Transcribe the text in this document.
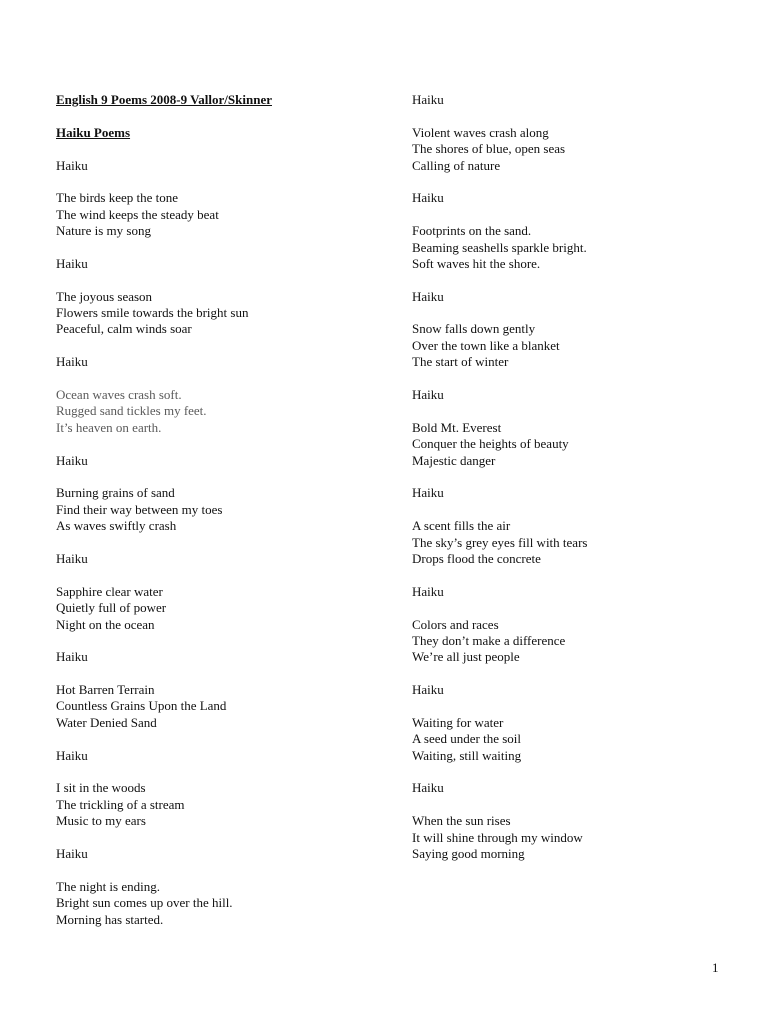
English 9 Poems 2008-9 Vallor/Skinner
Haiku Poems
Haiku
The birds keep the tone
The wind keeps the steady beat
Nature is my song
Haiku
The joyous season
Flowers smile towards the bright sun
Peaceful, calm winds soar
Haiku
Ocean waves crash soft.
Rugged sand tickles my feet.
It’s heaven on earth.
Haiku
Burning grains of sand
Find their way between my toes
As waves swiftly crash
Haiku
Sapphire clear water
Quietly full of power
Night on the ocean
Haiku
Hot Barren Terrain
Countless Grains Upon the Land
Water Denied Sand
Haiku
I sit in the woods
The trickling of a stream
Music to my ears
Haiku
The night is ending.
Bright sun comes up over the hill.
Morning has started.
Haiku
Violent waves crash along
The shores of blue, open seas
Calling of nature
Haiku
Footprints on the sand.
Beaming seashells sparkle bright.
Soft waves hit the shore.
Haiku
Snow falls down gently
Over the town like a blanket
The start of winter
Haiku
Bold Mt. Everest
Conquer the heights of beauty
Majestic danger
Haiku
A scent fills the air
The sky’s grey eyes fill with tears
Drops flood the concrete
Haiku
Colors and races
They don’t make a difference
We’re all just people
Haiku
Waiting for water
A seed under the soil
Waiting, still waiting
Haiku
When the sun rises
It will shine through my window
Saying good morning
1
